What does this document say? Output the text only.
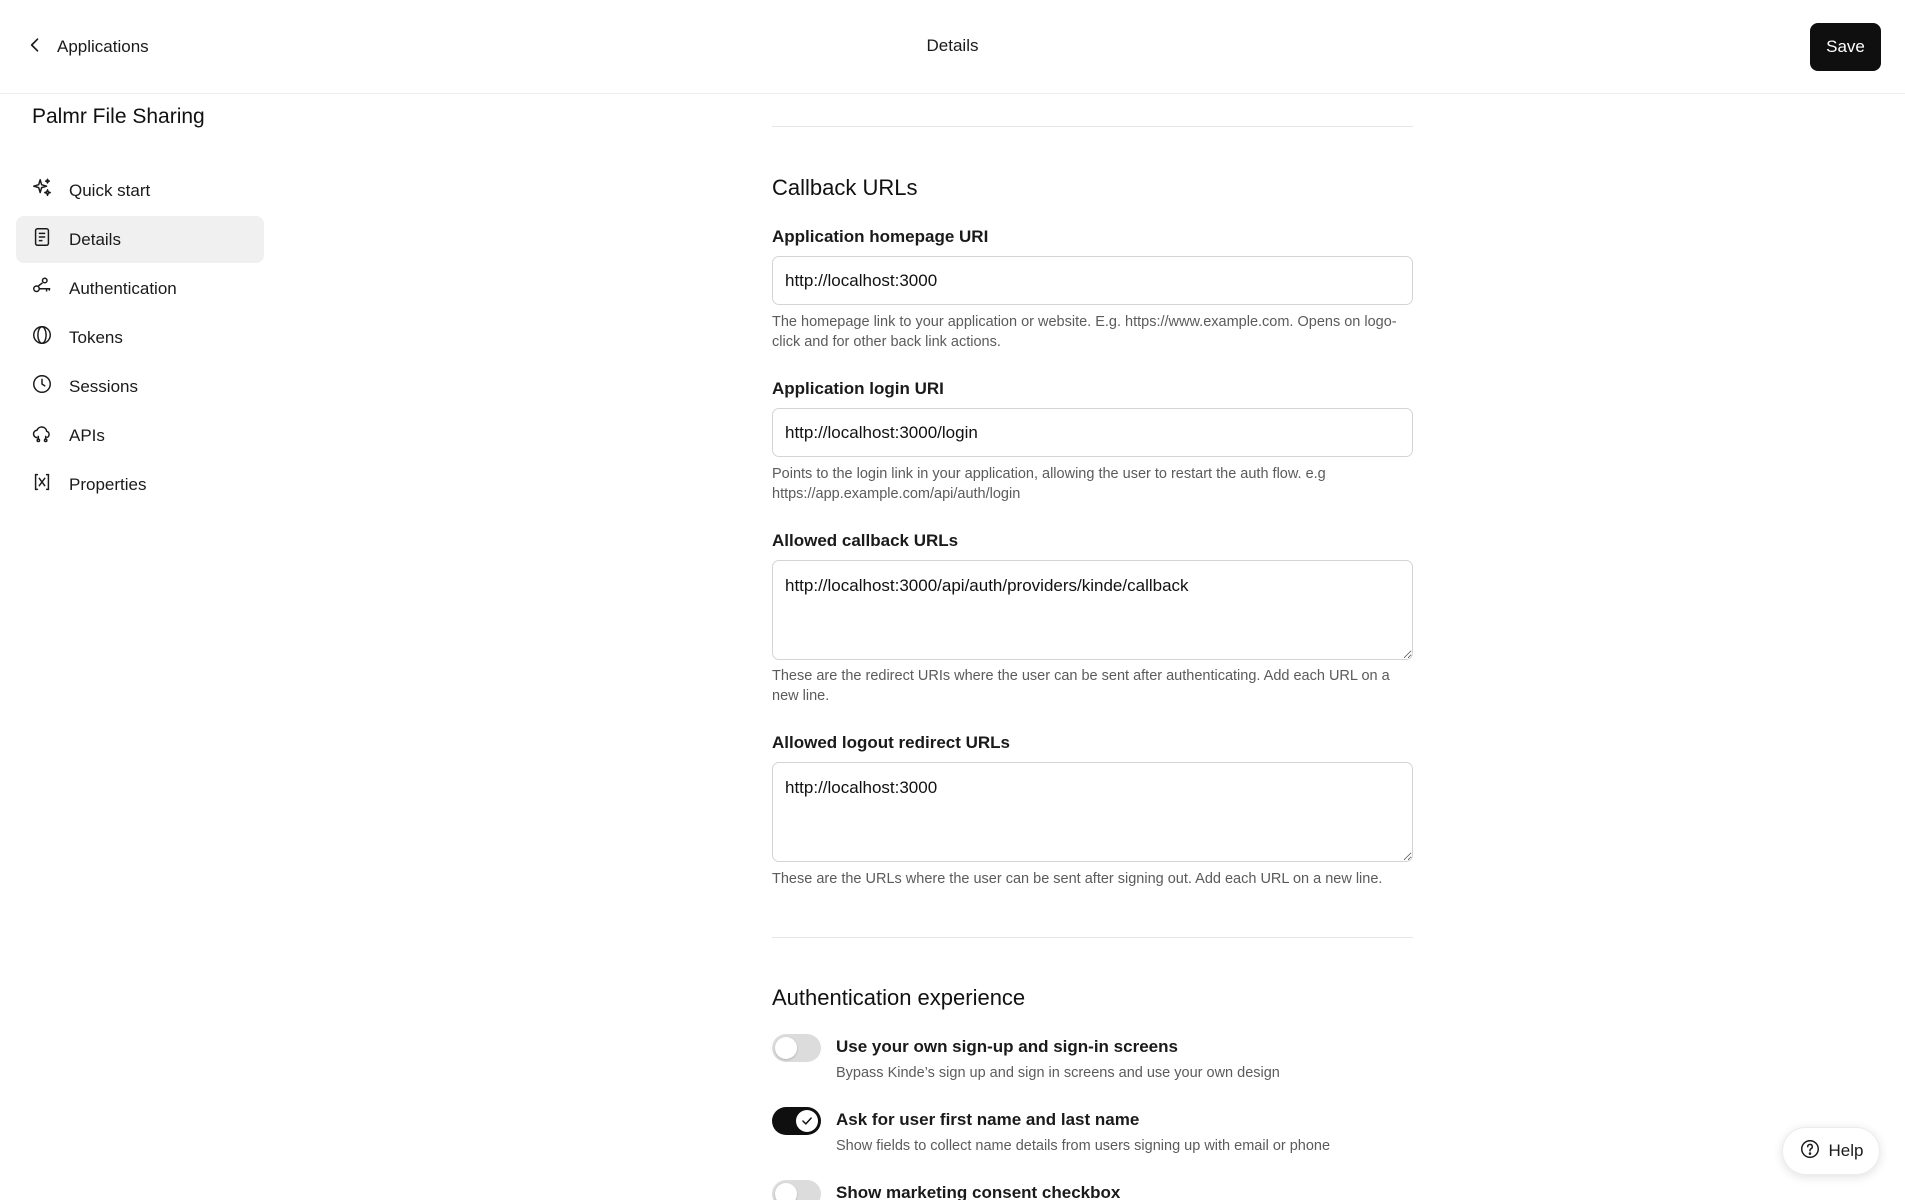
Applications	Details	Save
Palmr File Sharing
Quick start
Details
Authentication
Tokens
Sessions
APIs
Properties
Callback URLs
Application homepage URI
http://localhost:3000
The homepage link to your application or website. E.g. https://www.example.com. Opens on logo-click and for other back link actions.
Application login URI
http://localhost:3000/login
Points to the login link in your application, allowing the user to restart the auth flow. e.g https://app.example.com/api/auth/login
Allowed callback URLs
http://localhost:3000/api/auth/providers/kinde/callback
These are the redirect URIs where the user can be sent after authenticating. Add each URL on a new line.
Allowed logout redirect URLs
http://localhost:3000
These are the URLs where the user can be sent after signing out. Add each URL on a new line.
Authentication experience
Use your own sign-up and sign-in screens
Bypass Kinde’s sign up and sign in screens and use your own design
Ask for user first name and last name
Show fields to collect name details from users signing up with email or phone
Show marketing consent checkbox
Help
